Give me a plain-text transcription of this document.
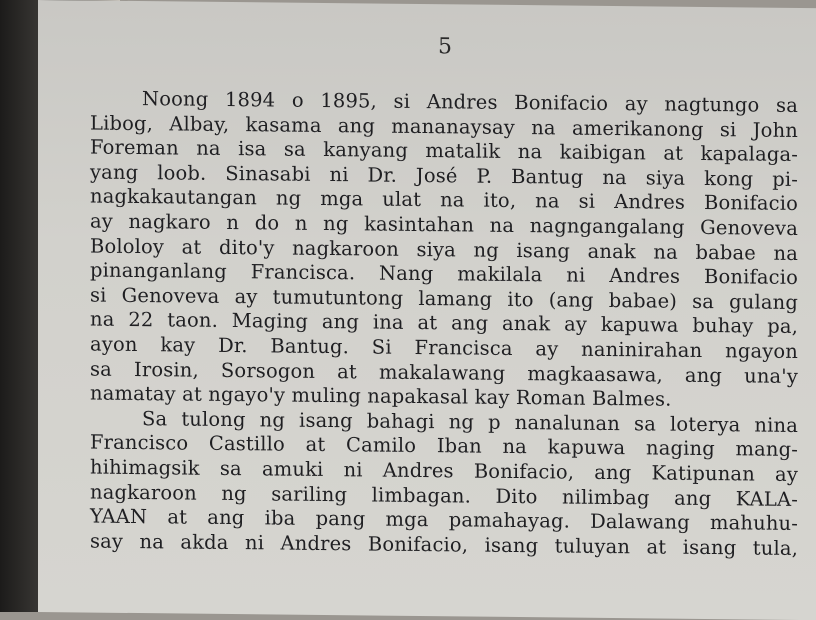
5
Noong 1894 o 1895, si Andres Bonifacio ay nagtungo sa
Libog, Albay, kasama ang mananaysay na amerikanong si John
Foreman na isa sa kanyang matalik na kaibigan at kapalaga-
yang loob. Sinasabi ni Dr. José P. Bantug na siya kong pi-
nagkakautangan ng mga ulat na ito, na si Andres Bonifacio
ay nagkaro n do n ng kasintahan na nagngangalang Genoveva
Bololoy at dito'y nagkaroon siya ng isang anak na babae na
pinanganlang Francisca. Nang makilala ni Andres Bonifacio
si Genoveva ay tumutuntong lamang ito (ang babae) sa gulang
na 22 taon. Maging ang ina at ang anak ay kapuwa buhay pa,
ayon kay Dr. Bantug. Si Francisca ay naninirahan ngayon
sa Irosin, Sorsogon at makalawang magkaasawa, ang una'y
namatay at ngayo'y muling napakasal kay Roman Balmes.
Sa tulong ng isang bahagi ng p nanalunan sa loterya nina
Francisco Castillo at Camilo Iban na kapuwa naging mang-
hihimagsik sa amuki ni Andres Bonifacio, ang Katipunan ay
nagkaroon ng sariling limbagan. Dito nilimbag ang KALA-
YAAN at ang iba pang mga pamahayag. Dalawang mahuhu-
say na akda ni Andres Bonifacio, isang tuluyan at isang tula,
